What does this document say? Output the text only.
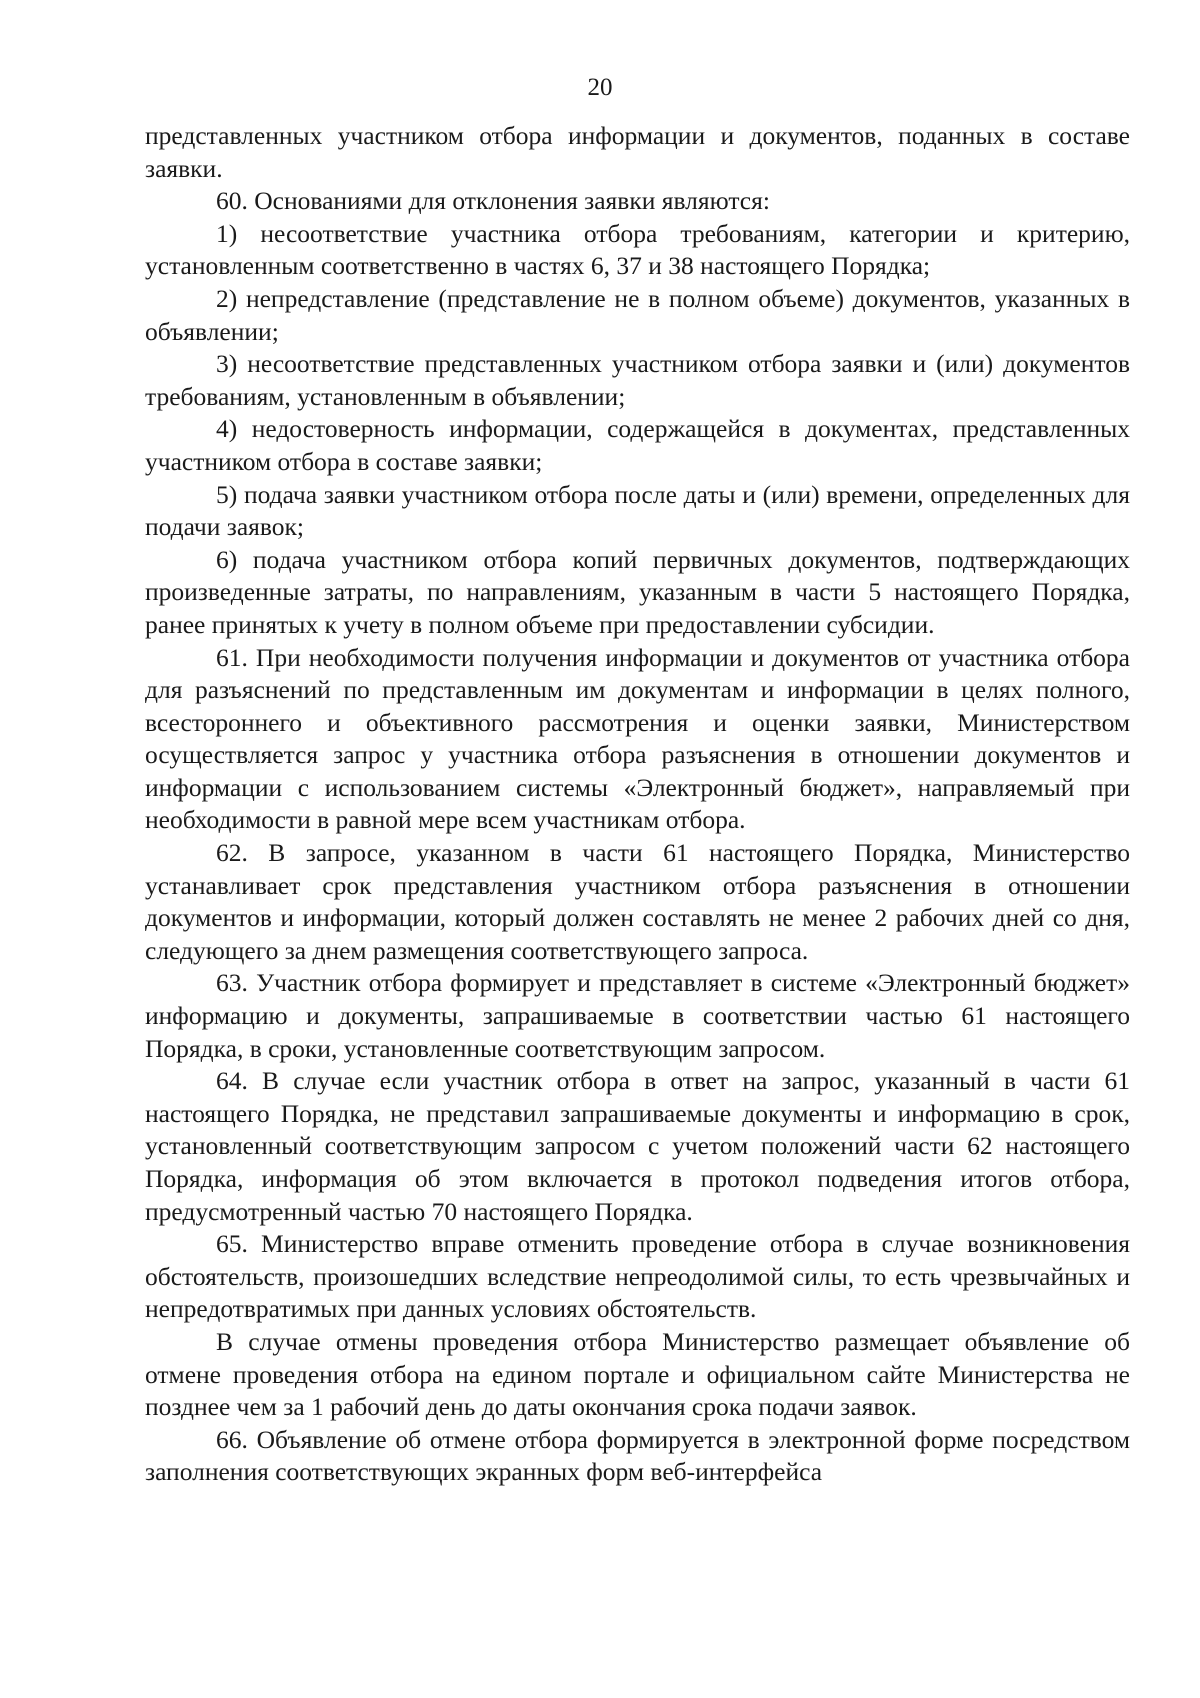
20

представленных участником отбора информации и документов, поданных в составе заявки.

60. Основаниями для отклонения заявки являются:

1) несоответствие участника отбора требованиям, категории и критерию, установленным соответственно в частях 6, 37 и 38 настоящего Порядка;

2) непредставление (представление не в полном объеме) документов, указанных в объявлении;

3) несоответствие представленных участником отбора заявки и (или) документов требованиям, установленным в объявлении;

4) недостоверность информации, содержащейся в документах, представленных участником отбора в составе заявки;

5) подача заявки участником отбора после даты и (или) времени, определенных для подачи заявок;

6) подача участником отбора копий первичных документов, подтверждающих произведенные затраты, по направлениям, указанным в части 5 настоящего Порядка, ранее принятых к учету в полном объеме при предоставлении субсидии.

61. При необходимости получения информации и документов от участника отбора для разъяснений по представленным им документам и информации в целях полного, всестороннего и объективного рассмотрения и оценки заявки, Министерством осуществляется запрос у участника отбора разъяснения в отношении документов и информации с использованием системы «Электронный бюджет», направляемый при необходимости в равной мере всем участникам отбора.

62. В запросе, указанном в части 61 настоящего Порядка, Министерство устанавливает срок представления участником отбора разъяснения в отношении документов и информации, который должен составлять не менее 2 рабочих дней со дня, следующего за днем размещения соответствующего запроса.

63. Участник отбора формирует и представляет в системе «Электронный бюджет» информацию и документы, запрашиваемые в соответствии частью 61 настоящего Порядка, в сроки, установленные соответствующим запросом.

64. В случае если участник отбора в ответ на запрос, указанный в части 61 настоящего Порядка, не представил запрашиваемые документы и информацию в срок, установленный соответствующим запросом с учетом положений части 62 настоящего Порядка, информация об этом включается в протокол подведения итогов отбора, предусмотренный частью 70 настоящего Порядка.

65. Министерство вправе отменить проведение отбора в случае возникновения обстоятельств, произошедших вследствие непреодолимой силы, то есть чрезвычайных и непредотвратимых при данных условиях обстоятельств.

В случае отмены проведения отбора Министерство размещает объявление об отмене проведения отбора на едином портале и официальном сайте Министерства не позднее чем за 1 рабочий день до даты окончания срока подачи заявок.

66. Объявление об отмене отбора формируется в электронной форме посредством заполнения соответствующих экранных форм веб-интерфейса
